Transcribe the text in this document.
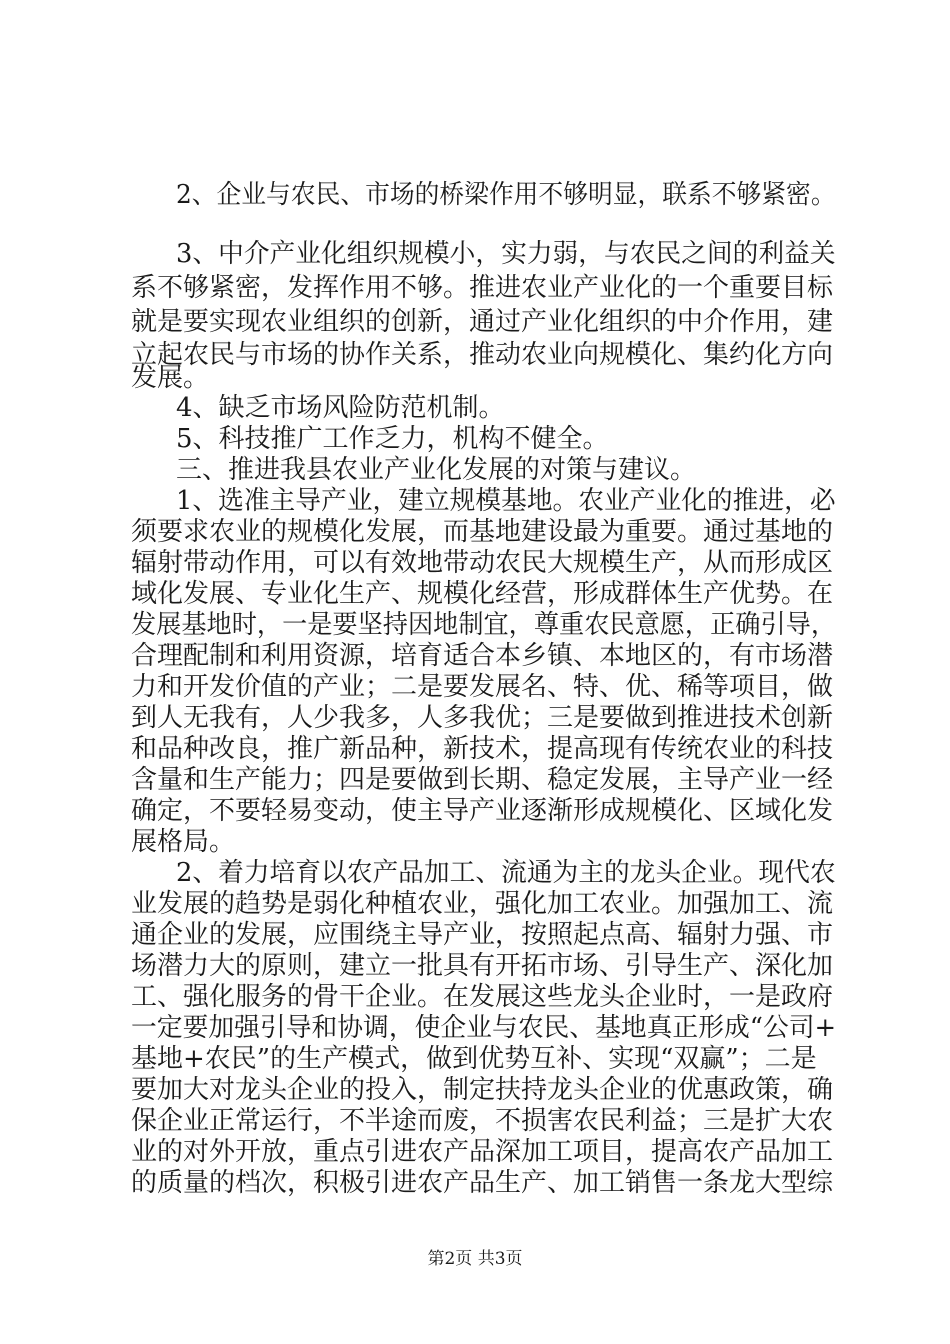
2、企业与农民、市场的桥梁作用不够明显，联系不够紧密。
3、中介产业化组织规模小，实力弱，与农民之间的利益关
系不够紧密，发挥作用不够。推进农业产业化的一个重要目标
就是要实现农业组织的创新，通过产业化组织的中介作用，建
立起农民与市场的协作关系，推动农业向规模化、集约化方向
发展。
4、缺乏市场风险防范机制。
5、科技推广工作乏力，机构不健全。
三、推进我县农业产业化发展的对策与建议。
1、选准主导产业，建立规模基地。农业产业化的推进，必
须要求农业的规模化发展，而基地建设最为重要。通过基地的
辐射带动作用，可以有效地带动农民大规模生产，从而形成区
域化发展、专业化生产、规模化经营，形成群体生产优势。在
发展基地时，一是要坚持因地制宜，尊重农民意愿，正确引导，
合理配制和利用资源，培育适合本乡镇、本地区的，有市场潜
力和开发价值的产业；二是要发展名、特、优、稀等项目，做
到人无我有，人少我多，人多我优；三是要做到推进技术创新
和品种改良，推广新品种，新技术，提高现有传统农业的科技
含量和生产能力；四是要做到长期、稳定发展，主导产业一经
确定，不要轻易变动，使主导产业逐渐形成规模化、区域化发
展格局。
2、着力培育以农产品加工、流通为主的龙头企业。现代农
业发展的趋势是弱化种植农业，强化加工农业。加强加工、流
通企业的发展，应围绕主导产业，按照起点高、辐射力强、市
场潜力大的原则，建立一批具有开拓市场、引导生产、深化加
工、强化服务的骨干企业。在发展这些龙头企业时，一是政府
一定要加强引导和协调，使企业与农民、基地真正形成“公司+
基地+农民”的生产模式，做到优势互补、实现“双赢”；二是
要加大对龙头企业的投入，制定扶持龙头企业的优惠政策，确
保企业正常运行，不半途而废，不损害农民利益；三是扩大农
业的对外开放，重点引进农产品深加工项目，提高农产品加工
的质量的档次，积极引进农产品生产、加工销售一条龙大型综
第2页 共3页
